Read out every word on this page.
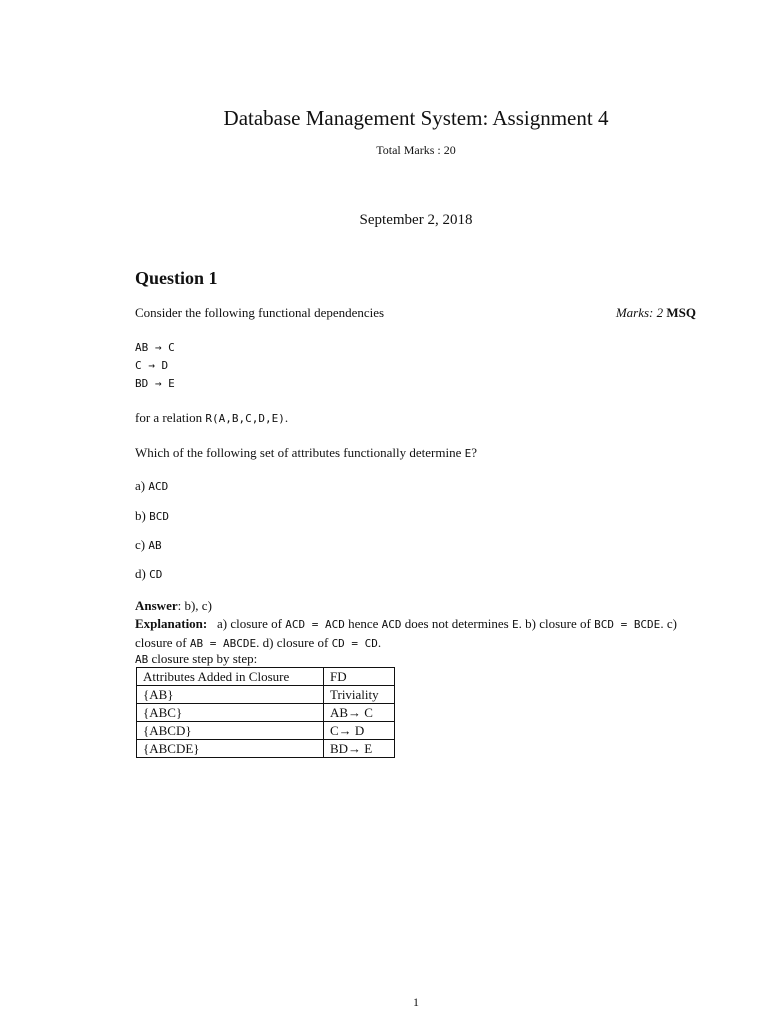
Database Management System: Assignment 4
Total Marks : 20
September 2, 2018
Question 1
Consider the following functional dependencies	Marks: 2 MSQ
AB → C
C → D
BD → E
for a relation R(A,B,C,D,E).
Which of the following set of attributes functionally determine E?
a) ACD
b) BCD
c) AB
d) CD
Answer: b), c)
Explanation:   a) closure of ACD = ACD hence ACD does not determines E. b) closure of BCD = BCDE. c) closure of AB = ABCDE. d) closure of CD = CD.
AB closure step by step:
Attributes Added in Closure	FD
{AB}	Triviality
{ABC}	AB→ C
{ABCD}	C→ D
{ABCDE}	BD→ E
1
